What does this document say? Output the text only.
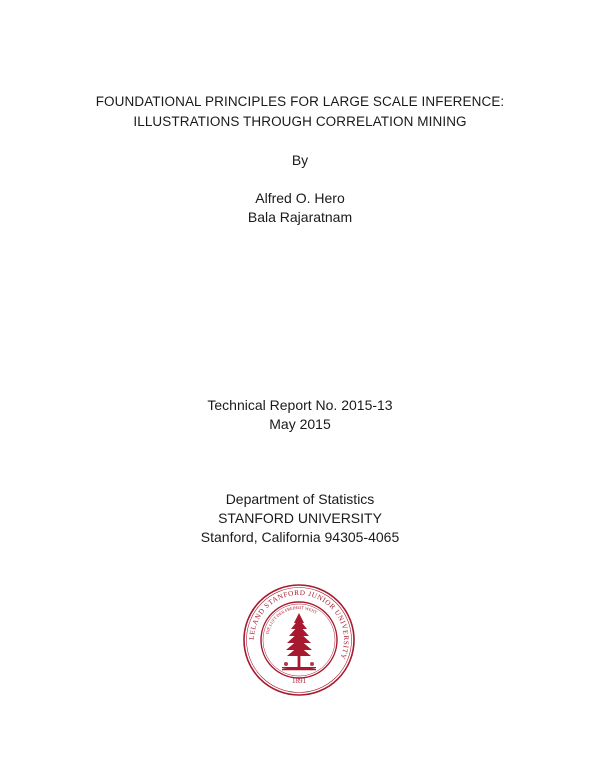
FOUNDATIONAL PRINCIPLES FOR LARGE SCALE INFERENCE:
ILLUSTRATIONS THROUGH CORRELATION MINING
By
Alfred O. Hero
Bala Rajaratnam
Technical Report No. 2015-13
May 2015
Department of Statistics
STANFORD UNIVERSITY
Stanford, California 94305-4065
LELAND STANFORD JUNIOR UNIVERSITY
DIE LUFT DER FREIHEIT WEHT
1891
